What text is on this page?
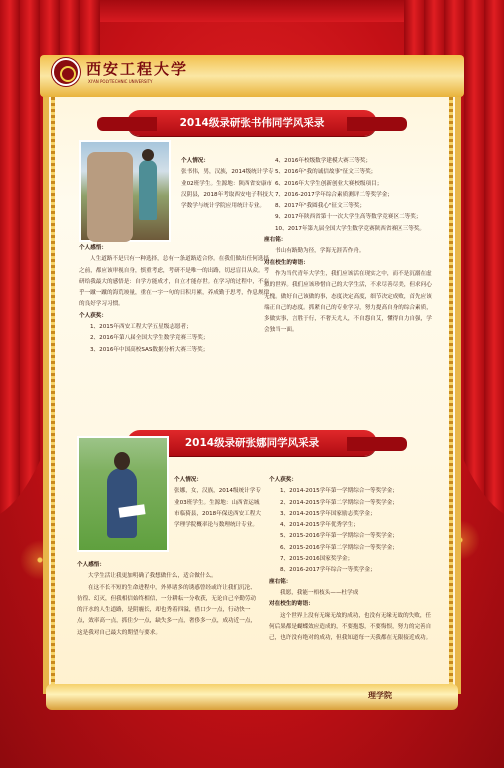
西安工程大学
XI'AN POLYTECHNIC UNIVERSITY
2014级录研张书伟同学风采录
个人情况：
张书伟，男，汉族，2014级统计学专业02班学生。生源地：陕西省安康市汉阴县，2018年考取西安电子科技大学数学与统计学院应用统计专业。
个人感悟：
人生道路不是只有一种选择，总有一条道路适合你。在我们做出任何选择之前，都应该审视自身，慎重考虑，考研不是唯一的出路，切忌盲目从众。考研给我最大的感悟是：自学方能成才，自立才能存世。在学习的过程中，不在乎一蹴一蹴的海荒竣量，重在一字一句的日积月累，养成勤于思考，作息规律的良好学习习惯。
个人获奖：
1、2015年西安工程大学五星级志愿者；
2、2016年第八届全国大学生数学竞赛三等奖；
3、2016年中国高校SAS数据分析大赛三等奖；
4、2016年校级数学建模大赛三等奖；
5、2016年"我的诚信故事"征文三等奖；
6、2016年大学生创新创业大赛校级项目；
7、2016-2017学年综合素质测评二等奖学金；
8、2017年"我圆我心"征文三等奖；
9、2017年陕西省第十一次大学生高等数学竞赛区二等奖；
10、2017年第九届全国大学生数学竞赛陕西省赛区三等奖。
座右铭：
书山有路勤为径，学海无涯苦作舟。
对在校生的寄语：
作为当代青年大学生，我们应该活在现实之中，而不是沉溺在虚拟的世界。我们应该珍惜自己的大学生活，不求尽善尽美，但求问心无愧。做好自己该做的事，态度决定高度，细节决定成败，首先应该端正自己的态度。抓紧自己的专业学习，努力提高自身的综合素质，多做实事，言胜于行，不奢天尤人，不自怨自艾，懂得自力自强，学会独当一面。
2014级录研张娜同学风采录
个人情况：
张娜，女，汉族，2014级统计学专业03班学生。生源地：山西省运城市临猗县，2018年保送西安工程大学理学院概率论与数理统计专业。
个人感悟：
大学生活让我更加明确了我想做什么，适合做什么。
在这不长不短的生命进程中，外界诸多的诱惑曾经或许让我们沉沦、彷徨、幻灭，但我相信始终相信，一分耕耘一分收获，无论自己辛勤劳动的汗水的人生道路，是阴霾长，却也秀着四溢，借口少一点，行动快一点，效率高一点，抓住少一点，缺失多一点，奢侈多一点，成功近一点，这是我对自己最大的期望与要求。
个人获奖：
1、2014-2015学年第一学期综合一等奖学金；
2、2014-2015学年第二学期综合一等奖学金；
3、2014-2015学年国家励志奖学金；
4、2014-2015学年优秀学生；
5、2015-2016学年第一学期综合一等奖学金；
6、2015-2016学年第二学期综合一等奖学金；
7、2015-2016国家奖学金；
8、2016-2017学年综合一等奖学金；
座右铭：
我愿，我能一梧枝头——杜学成
对在校生的寄语：
这个世界上没有无缘无故的成功，也没有无缘无故的失败，任何后果都是蝴蝶效应造成的，不要抱怨，不要悔恨，努力的完善自己，也许没有绝对的成功，但我知道每一天我都在无限接近成功。
理学院
